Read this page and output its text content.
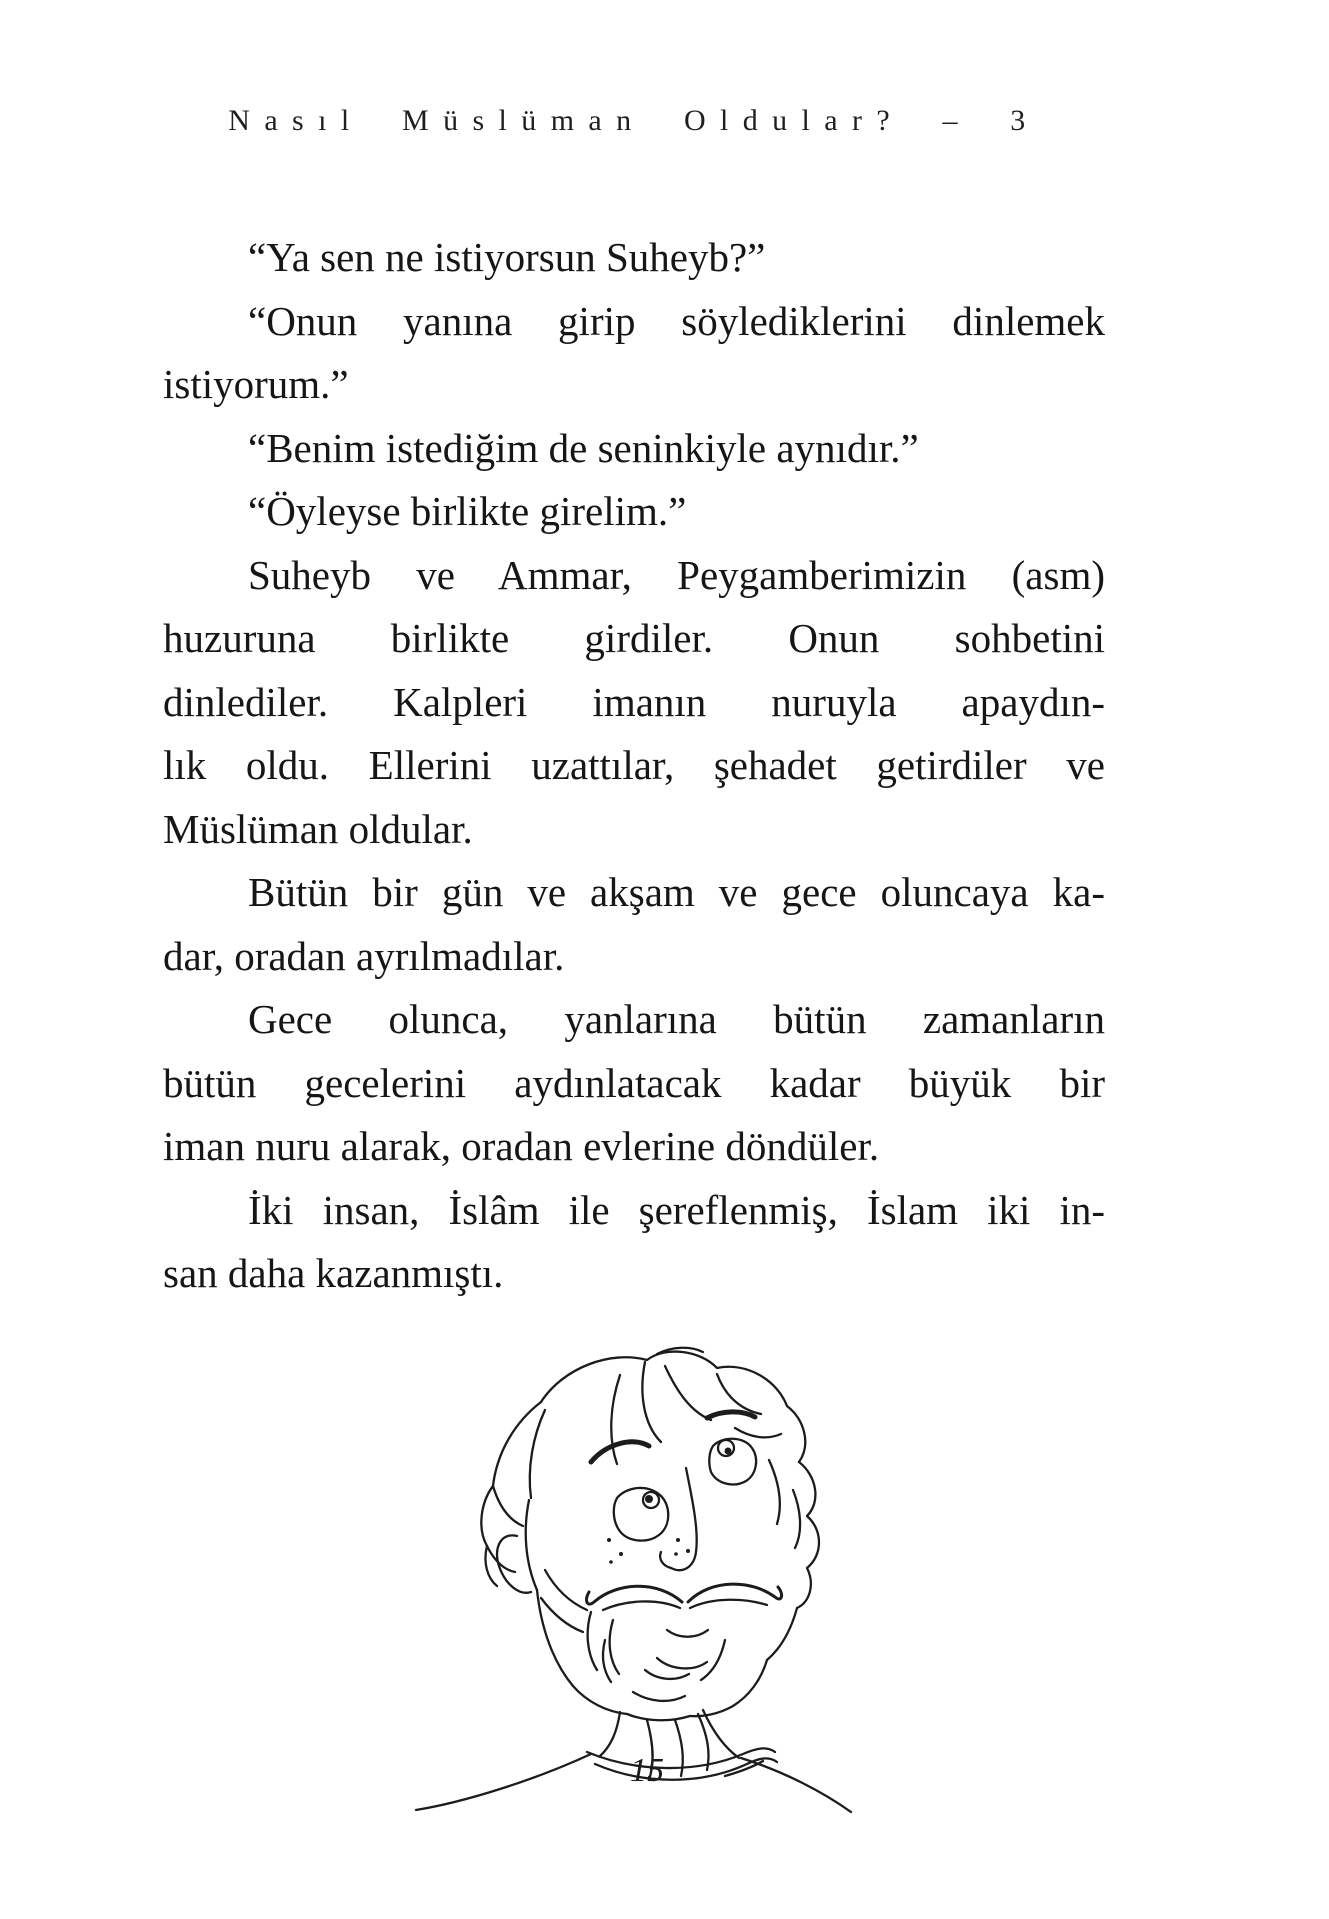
Nasıl Müslüman Oldular? – 3
“Ya sen ne istiyorsun Suheyb?”
“Onun yanına girip söylediklerini dinlemek
istiyorum.”
“Benim istediğim de seninkiyle aynıdır.”
“Öyleyse birlikte girelim.”
Suheyb ve Ammar, Peygamberimizin (asm)
huzuruna birlikte girdiler. Onun sohbetini
dinlediler. Kalpleri imanın nuruyla apaydın-
lık oldu. Ellerini uzattılar, şehadet getirdiler ve
Müslüman oldular.
Bütün bir gün ve akşam ve gece oluncaya ka-
dar, oradan ayrılmadılar.
Gece olunca, yanlarına bütün zamanların
bütün gecelerini aydınlatacak kadar büyük bir
iman nuru alarak, oradan evlerine döndüler.
İki insan, İslâm ile şereflenmiş, İslam iki in-
san daha kazanmıştı.
15
